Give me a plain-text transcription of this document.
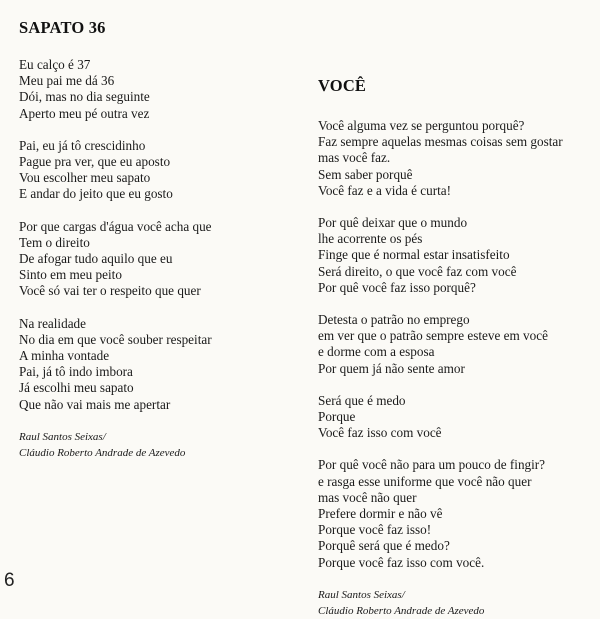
SAPATO 36
Eu calço é 37
Meu pai me dá 36
Dói, mas no dia seguinte
Aperto meu pé outra vez
Pai, eu já tô crescidinho
Pague pra ver, que eu aposto
Vou escolher meu sapato
E andar do jeito que eu gosto
Por que cargas d'água você acha que
Tem o direito
De afogar tudo aquilo que eu
Sinto em meu peito
Você só vai ter o respeito que quer
Na realidade
No dia em que você souber respeitar
A minha vontade
Pai, já tô indo imbora
Já escolhi meu sapato
Que não vai mais me apertar
Raul Santos Seixas/
Cláudio Roberto Andrade de Azevedo
VOCÊ
Você alguma vez se perguntou porquê?
Faz sempre aquelas mesmas coisas sem gostar
mas você faz.
Sem saber porquê
Você faz e a vida é curta!
Por quê deixar que o mundo
lhe acorrente os pés
Finge que é normal estar insatisfeito
Será direito, o que você faz com você
Por quê você faz isso porquê?
Detesta o patrão no emprego
em ver que o patrão sempre esteve em você
e dorme com a esposa
Por quem já não sente amor
Será que é medo
Porque
Você faz isso com você
Por quê você não para um pouco de fingir?
e rasga esse uniforme que você não quer
mas você não quer
Prefere dormir e não vê
Porque você faz isso!
Porquê será que é medo?
Porque você faz isso com você.
Raul Santos Seixas/
Cláudio Roberto Andrade de Azevedo
6
